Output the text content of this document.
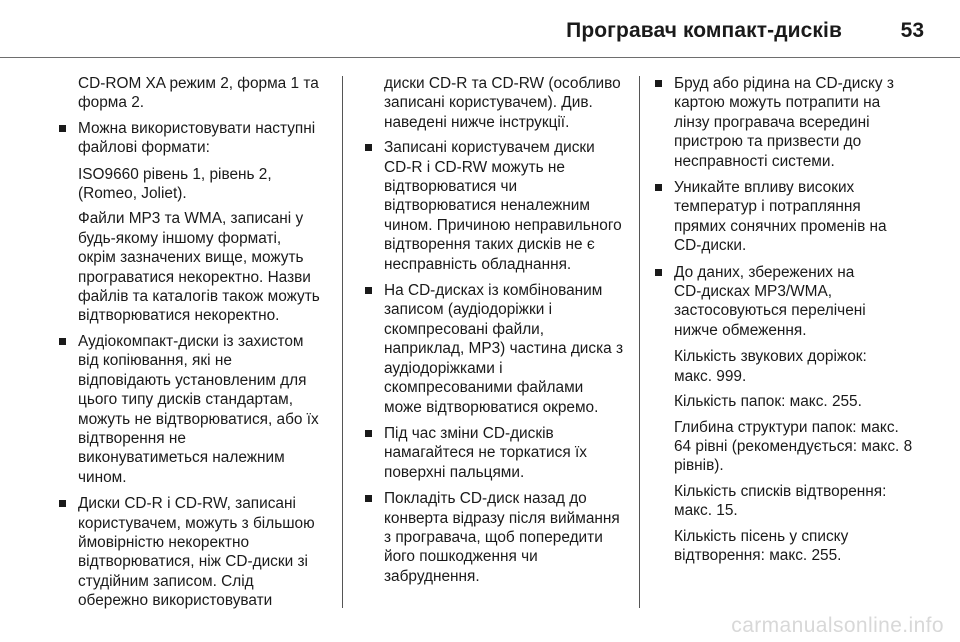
Програвач компакт-дисків	53
CD-ROM XA режим 2, форма 1 та
форма 2.
Можна використовувати наступні
файлові формати:
ISO9660 рівень 1, рівень 2,
(Romeo, Joliet).
Файли MP3 та WMA, записані у
будь-якому іншому форматі,
окрім зазначених вище, можуть
програватися некоректно. Назви
файлів та каталогів також можуть
відтворюватися некоректно.
Аудіокомпакт-диски із захистом
від копіювання, які не
відповідають установленим для
цього типу дисків стандартам,
можуть не відтворюватися, або їх
відтворення не
виконуватиметься належним
чином.
Диски CD-R і CD-RW, записані
користувачем, можуть з більшою
ймовірністю некоректно
відтворюватися, ніж CD-диски зі
студійним записом. Слід
обережно використовувати
диски CD-R та CD-RW (особливо
записані користувачем). Див.
наведені нижче інструкції.
Записані користувачем диски
CD-R і CD-RW можуть не
відтворюватися чи
відтворюватися неналежним
чином. Причиною неправильного
відтворення таких дисків не є
несправність обладнання.
На CD-дисках із комбінованим
записом (аудіодоріжки і
скомпресовані файли,
наприклад, MP3) частина диска з
аудіодоріжками і
скомпресованими файлами
може відтворюватися окремо.
Під час зміни CD-дисків
намагайтеся не торкатися їх
поверхні пальцями.
Покладіть CD-диск назад до
конверта відразу після виймання
з програвача, щоб попередити
його пошкодження чи
забруднення.
Бруд або рідина на CD-диску з
картою можуть потрапити на
лінзу програвача всередині
пристрою та призвести до
несправності системи.
Уникайте впливу високих
температур і потрапляння
прямих сонячних променів на
CD-диски.
До даних, збережених на
CD-дисках MP3/WMA,
застосовуються перелічені
нижче обмеження.
Кількість звукових доріжок:
макс. 999.
Кількість папок: макс. 255.
Глибина структури папок: макс.
64 рівні (рекомендується: макс. 8
рівнів).
Кількість списків відтворення:
макс. 15.
Кількість пісень у списку
відтворення: макс. 255.
carmanualsonline.info
